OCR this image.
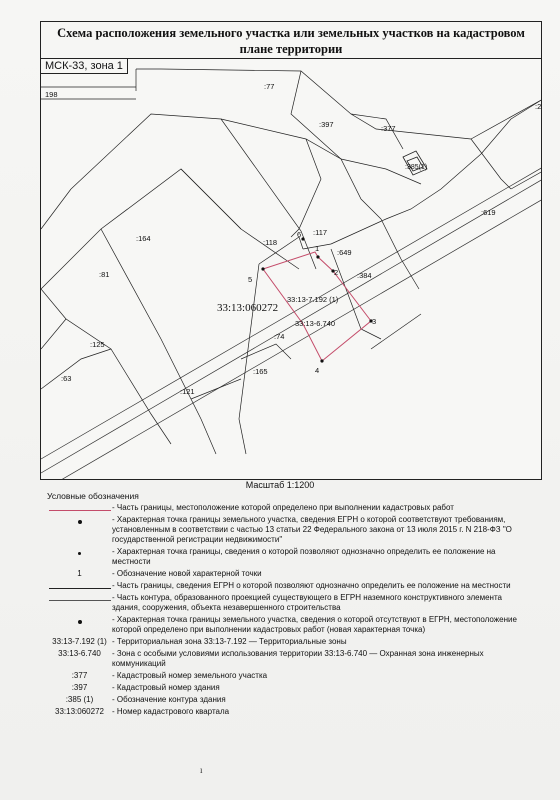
Схема расположения земельного участка или земельных участков на кадастровом
плане территории
1
2
3
4
5
6
198
:77
:2
:397	:377
:385(1)
:619
:164	:118
:117
:649
:384
:81
:125
:74
:165
:63
:121
33:13:060272
33:13-7.192 (1)
33:13-6.740
МСК-33, зона 1
Масштаб 1:1200
Условные обозначения
- Часть границы, местоположение которой определено при выполнении кадастровых работ
- Характерная точка границы земельного участка, сведения ЕГРН о которой соответствуют требованиям, установленным в соответствии с частью 13 статьи 22 Федерального закона от 13 июля 2015 г. N 218-ФЗ "О государственной регистрации недвижимости"
- Характерная точка границы, сведения о которой позволяют однозначно определить ее положение на местности
1	- Обозначение новой характерной точки
- Часть границы, сведения ЕГРН о которой позволяют однозначно определить ее положение на местности
- Часть контура, образованного проекцией существующего в ЕГРН наземного конструктивного элемента здания, сооружения, объекта незавершенного строительства
- Характерная точка границы земельного участка, сведения о которой отсутствуют в ЕГРН, местоположение которой определено при выполнении кадастровых работ (новая характерная точка)
33:13-7.192 (1) - Территориальная зона 33:13-7.192 — Территориальные зоны
33:13-6.740	- Зона с особыми условиями использования территории 33:13-6.740 — Охранная зона инженерных коммуникаций
:377	- Кадастровый номер земельного участка
:397	- Кадастровый номер здания
:385 (1)	- Обозначение контура здания
33:13:060272	- Номер кадастрового квартала
ı
